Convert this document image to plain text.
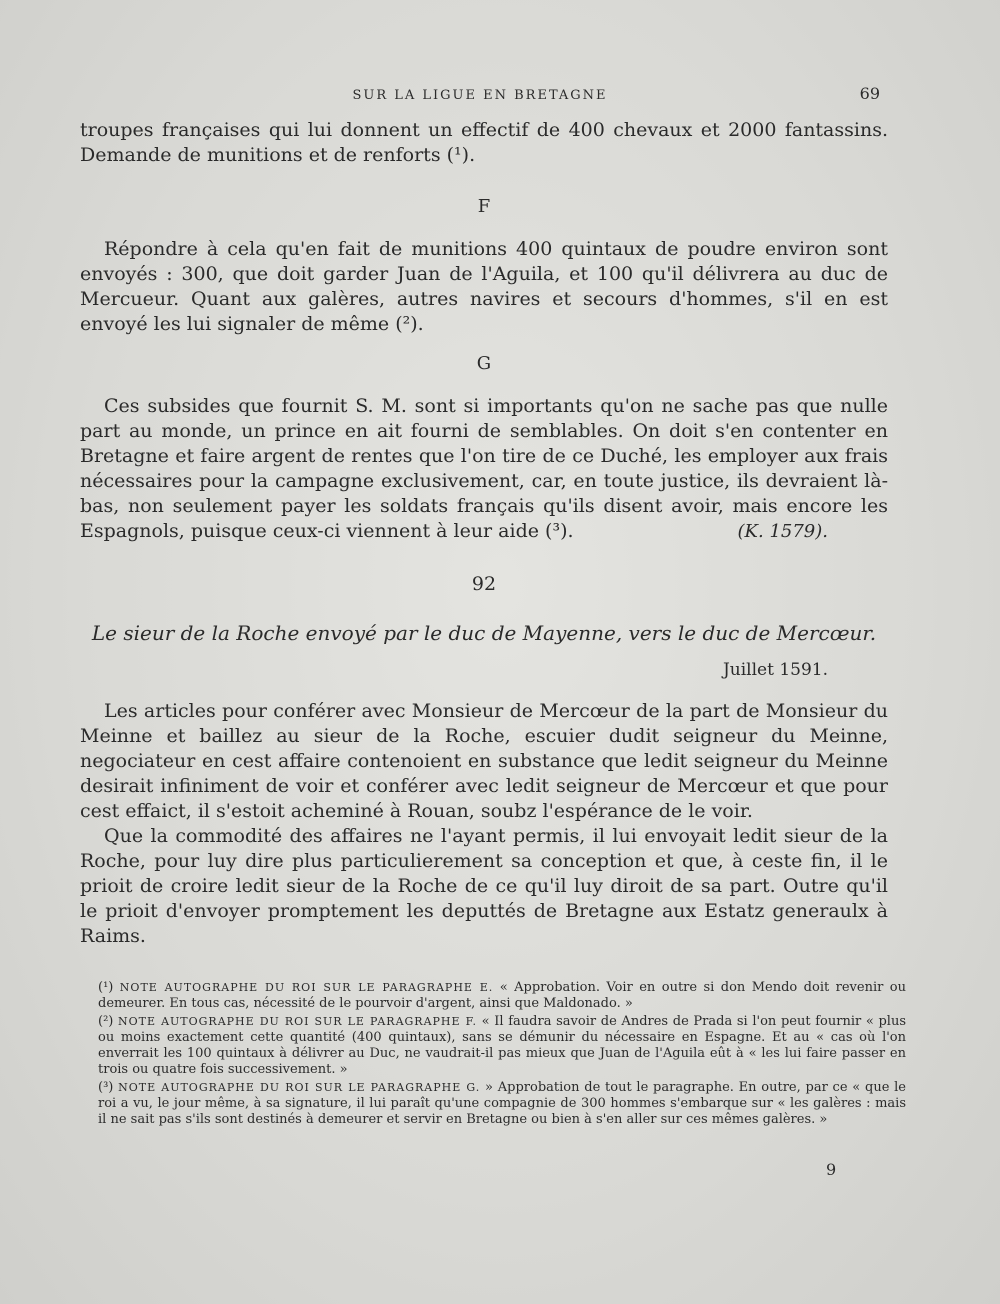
SUR LA LIGUE EN BRETAGNE	69

troupes françaises qui lui donnent un effectif de 400 chevaux et 2000 fantassins. Demande de munitions et de renforts (¹).

F

Répondre à cela qu'en fait de munitions 400 quintaux de poudre environ sont envoyés : 300, que doit garder Juan de l'Aguila, et 100 qu'il délivrera au duc de Mercueur. Quant aux galères, autres navires et secours d'hommes, s'il en est envoyé les lui signaler de même (²).

G

Ces subsides que fournit S. M. sont si importants qu'on ne sache pas que nulle part au monde, un prince en ait fourni de semblables. On doit s'en contenter en Bretagne et faire argent de rentes que l'on tire de ce Duché, les employer aux frais nécessaires pour la campagne exclusivement, car, en toute justice, ils devraient là-bas, non seulement payer les soldats français qu'ils disent avoir, mais encore les Espagnols, puisque ceux-ci viennent à leur aide (³).	(K. 1579).

92
Le sieur de la Roche envoyé par le duc de Mayenne, vers le duc de Mercœur.
Juillet 1591.

Les articles pour conférer avec Monsieur de Mercœur de la part de Monsieur du Meinne et baillez au sieur de la Roche, escuier dudit seigneur du Meinne, negociateur en cest affaire contenoient en substance que ledit seigneur du Meinne desirait infiniment de voir et conférer avec ledit seigneur de Mercœur et que pour cest effaict, il s'estoit acheminé à Rouan, soubz l'espérance de le voir.

Que la commodité des affaires ne l'ayant permis, il lui envoyait ledit sieur de la Roche, pour luy dire plus particulierement sa conception et que, à ceste fin, il le prioit de croire ledit sieur de la Roche de ce qu'il luy diroit de sa part. Outre qu'il le prioit d'envoyer promptement les deputtés de Bretagne aux Estatz generaulx à Raims.

(¹) NOTE AUTOGRAPHE DU ROI SUR LE PARAGRAPHE E. « Approbation. Voir en outre si don Mendo doit revenir ou demeurer. En tous cas, nécessité de le pourvoir d'argent, ainsi que Maldonado. »

(²) NOTE AUTOGRAPHE DU ROI SUR LE PARAGRAPHE F. « Il faudra savoir de Andres de Prada si l'on peut fournir « plus ou moins exactement cette quantité (400 quintaux), sans se démunir du nécessaire en Espagne. Et au « cas où l'on enverrait les 100 quintaux à délivrer au Duc, ne vaudrait-il pas mieux que Juan de l'Aguila eût à « les lui faire passer en trois ou quatre fois successivement. »

(³) NOTE AUTOGRAPHE DU ROI SUR LE PARAGRAPHE G. » Approbation de tout le paragraphe. En outre, par ce « que le roi a vu, le jour même, à sa signature, il lui paraît qu'une compagnie de 300 hommes s'embarque sur « les galères : mais il ne sait pas s'ils sont destinés à demeurer et servir en Bretagne ou bien à s'en aller sur ces mêmes galères. »

9
